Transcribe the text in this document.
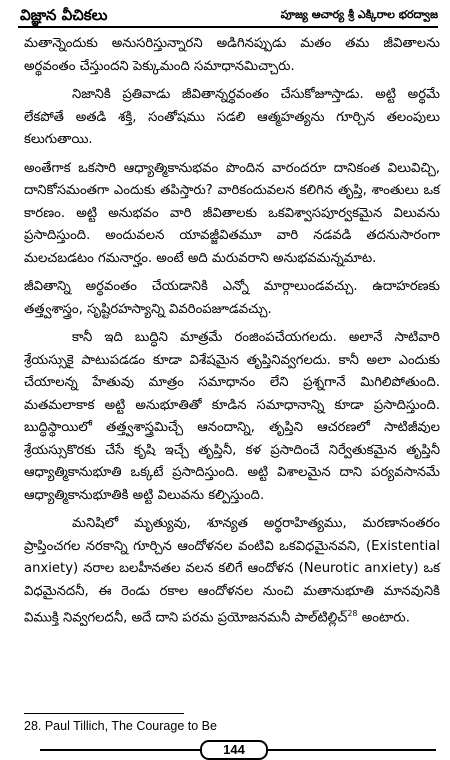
విజ్ఞాన వీచికలు	పూజ్య ఆచార్య శ్రీ ఎక్కిరాల భరద్వాజ

మతాన్నెందుకు అనుసరిస్తున్నారని అడిగినప్పుడు మతం తమ జీవితాలను అర్థవంతం చేస్తుందని పెక్కుమంది సమాధానమిచ్చారు.

నిజానికి ప్రతివాడు జీవితాన్నర్థవంతం చేసుకోజూస్తాడు. అట్టి అర్థమే లేకపోతే అతడి శక్తి, సంతోషము సడలి ఆత్మహత్యను గూర్చిన తలంపులు కలుగుతాయి.

అంతేగాక ఒకసారి ఆధ్యాత్మికానుభవం పొందిన వారందరూ దానికంత విలువిచ్చి, దానికోసమంతగా ఎందుకు తపిస్తారు? వారికందువలన కలిగిన తృప్తి, శాంతులు ఒక కారణం. అట్టి అనుభవం వారి జీవితాలకు ఒకవిశ్వాసపూర్వకమైన విలువను ప్రసాదిస్తుంది. అందువలన యావజ్జీవితమూ వారి నడవడి తదనుసారంగా మలచబడటం గమనార్హం. అంటే అది మరువరాని అనుభవమన్నమాట.

జీవితాన్ని అర్థవంతం చేయడానికి ఎన్నో మార్గాలుండవచ్చు. ఉదాహరణకు తత్త్వశాస్త్రం, సృష్టిరహస్యాన్ని వివరింపజూడవచ్చు.

కానీ ఇది బుద్ధిని మాత్రమే రంజింపచేయగలదు. అలానే సాటివారి శ్రేయస్సుకై పాటుపడడం కూడా విశేషమైన తృప్తినివ్వగలదు. కానీ అలా ఎందుకు చేయాలన్న హేతువు మాత్రం సమాధానం లేని ప్రశ్నగానే మిగిలిపోతుంది. మతమలాకాక అట్టి అనుభూతితో కూడిన సమాధానాన్ని కూడా ప్రసాదిస్తుంది. బుద్ధిస్థాయిలో తత్త్వశాస్త్రమిచ్చే ఆనందాన్ని, తృప్తిని ఆచరణలో సాటిజీవుల శ్రేయస్సుకొరకు చేసే కృషి ఇచ్చే తృప్తినీ, కళ ప్రసాదించే నిర్వేతుకమైన తృప్తినీ ఆధ్యాత్మికానుభూతి ఒక్కటే ప్రసాదిస్తుంది. అట్టి విశాలమైన దాని పర్యవసానమే ఆధ్యాత్మికానుభూతికి అట్టి విలువను కల్పిస్తుంది.

మనిషిలో మృత్యువు, శూన్యత అర్థరాహిత్యము, మరణానంతరం ప్రాప్తించగల నరకాన్ని గూర్చిన ఆందోళనల వంటివి ఒకవిధమైనవని, (Existential anxiety) నరాల బలహీనతల వలన కలిగే ఆందోళన (Neurotic anxiety) ఒక విధమైనదనీ, ఈ రెండు రకాల ఆందోళనల నుంచి మతానుభూతి మానవునికి విముక్తి నివ్వగలదనీ, అదే దాని పరమ ప్రయోజనమనీ పాల్‌టిల్లిచ్$^{28}$ అంటారు.

28. Paul Tillich, The Courage to Be
144
